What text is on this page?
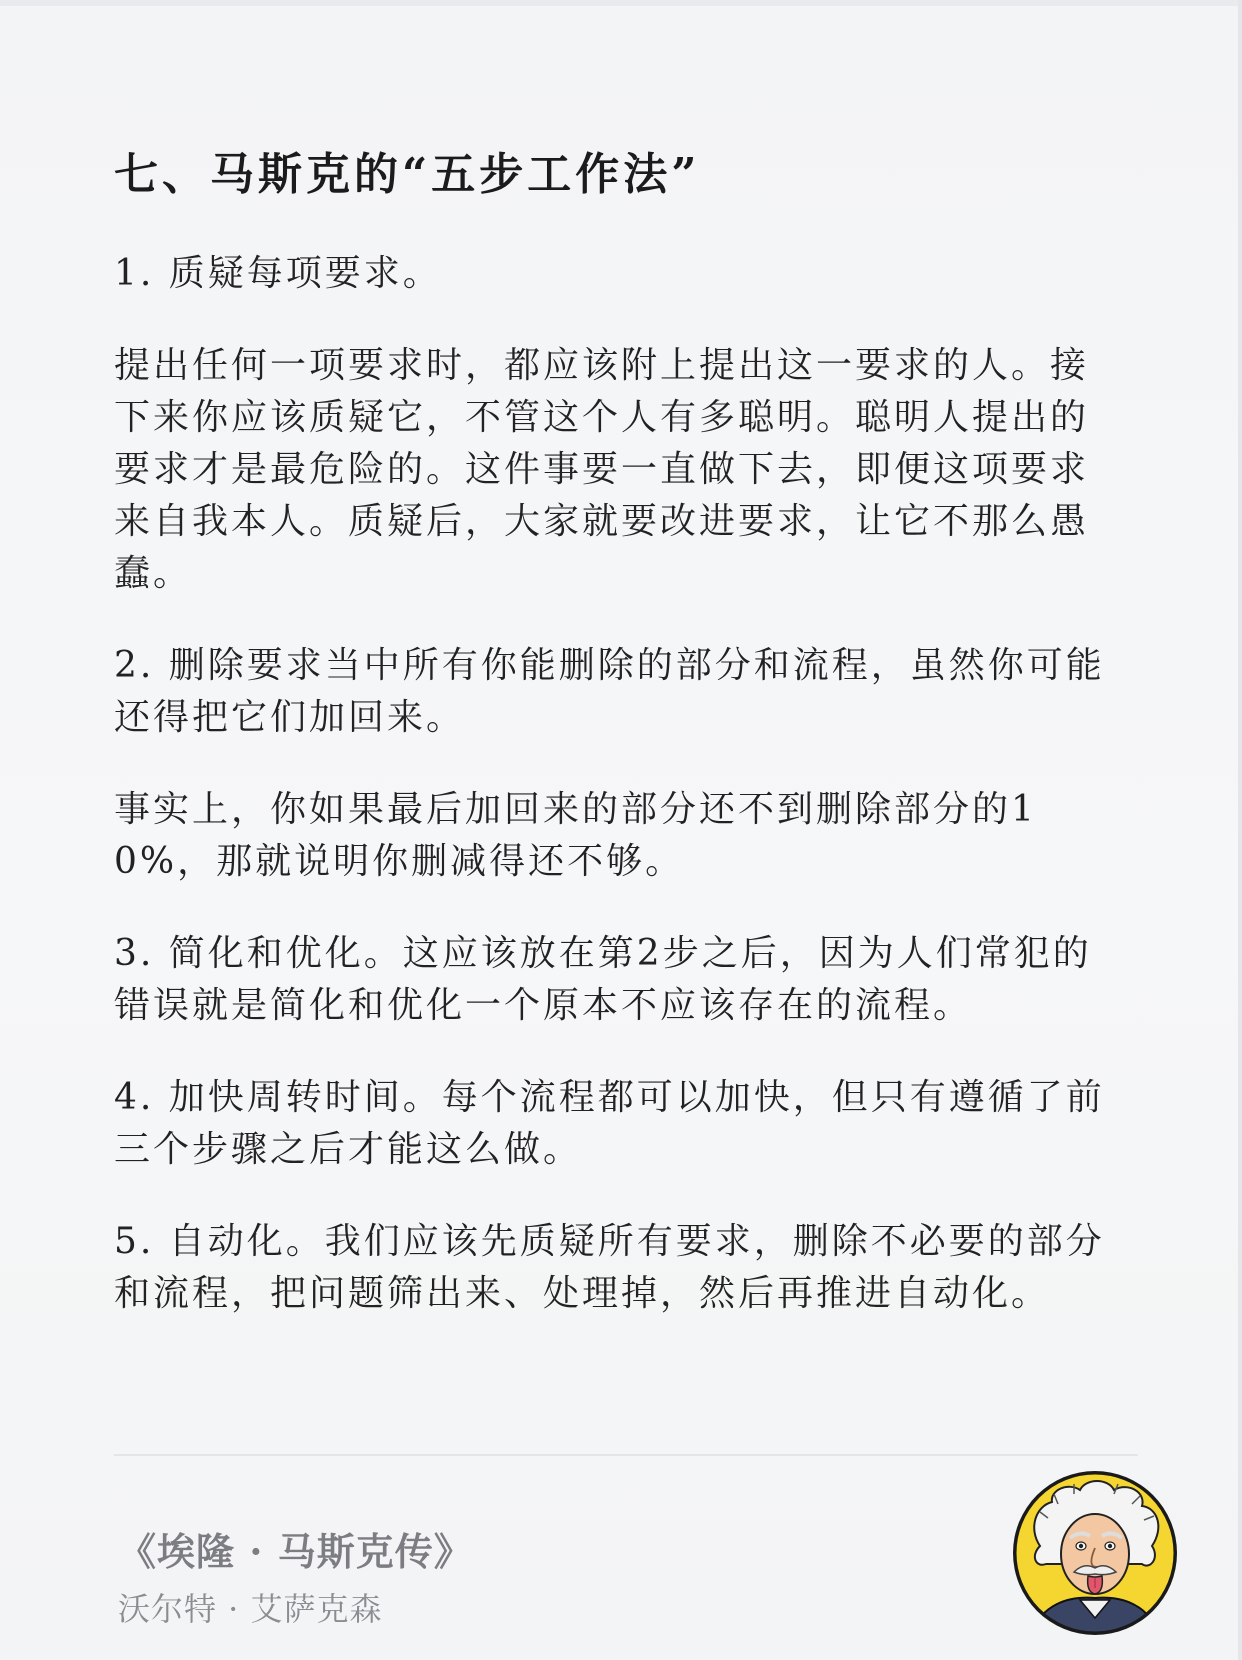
七、马斯克的“五步工作法”

1. 质疑每项要求。

提出任何一项要求时，都应该附上提出这一要求的人。接下来你应该质疑它，不管这个人有多聪明。聪明人提出的要求才是最危险的。这件事要一直做下去，即便这项要求来自我本人。质疑后，大家就要改进要求，让它不那么愚蠢。

2. 删除要求当中所有你能删除的部分和流程，虽然你可能还得把它们加回来。

事实上，你如果最后加回来的部分还不到删除部分的10%，那就说明你删减得还不够。

3. 简化和优化。这应该放在第2步之后，因为人们常犯的错误就是简化和优化一个原本不应该存在的流程。

4. 加快周转时间。每个流程都可以加快，但只有遵循了前三个步骤之后才能这么做。

5. 自动化。我们应该先质疑所有要求，删除不必要的部分和流程，把问题筛出来、处理掉，然后再推进自动化。

《埃隆 · 马斯克传》

沃尔特 · 艾萨克森
